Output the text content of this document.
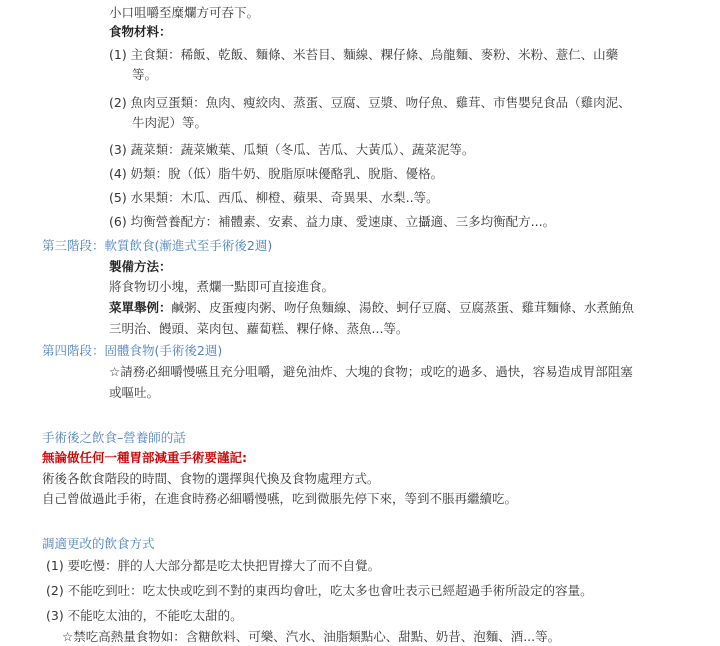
小口咀嚼至糜爛方可吞下。
食物材料：
(1) 主食類：稀飯、乾飯、麵條、米苔目、麵線、粿仔條、烏龍麵、麥粉、米粉、薏仁、山藥
等。
(2) 魚肉豆蛋類：魚肉、瘦絞肉、蒸蛋、豆腐、豆漿、吻仔魚、雞茸、市售嬰兒食品（雞肉泥、
牛肉泥）等。
(3) 蔬菜類：蔬菜嫩葉、瓜類（冬瓜、苦瓜、大黃瓜）、蔬菜泥等。
(4) 奶類：脫（低）脂牛奶、脫脂原味優酪乳、脫脂、優格。
(5) 水果類：木瓜、西瓜、柳橙、蘋果、奇異果、水梨..等。
(6) 均衡營養配方：補體素、安素、益力康、愛速康、立攝適、三多均衡配方...。
第三階段：軟質飲食(漸進式至手術後2週)
製備方法：
將食物切小塊，煮爛一點即可直接進食。
菜單舉例：鹹粥、皮蛋瘦肉粥、吻仔魚麵線、湯餃、蚵仔豆腐、豆腐蒸蛋、雞茸麵條、水煮鮪魚
三明治、饅頭、菜肉包、蘿蔔糕、粿仔條、蒸魚...等。
第四階段：固體食物(手術後2週)
☆請務必細嚼慢嚥且充分咀嚼，避免油炸、大塊的食物；或吃的過多、過快，容易造成胃部阻塞
或嘔吐。
手術後之飲食–營養師的話
無論做任何一種胃部減重手術要謹記:
術後各飲食階段的時間、食物的選擇與代換及食物處理方式。
自己曾做過此手術，在進食時務必細嚼慢嚥，吃到微脹先停下來，等到不脹再繼續吃。
調適更改的飲食方式
(1) 要吃慢：胖的人大部分都是吃太快把胃撐大了而不自覺。
(2) 不能吃到吐：吃太快或吃到不對的東西均會吐，吃太多也會吐表示已經超過手術所設定的容量。
(3) 不能吃太油的，不能吃太甜的。
☆禁吃高熱量食物如：含糖飲料、可樂、汽水、油脂類點心、甜點、奶昔、泡麵、酒...等。
